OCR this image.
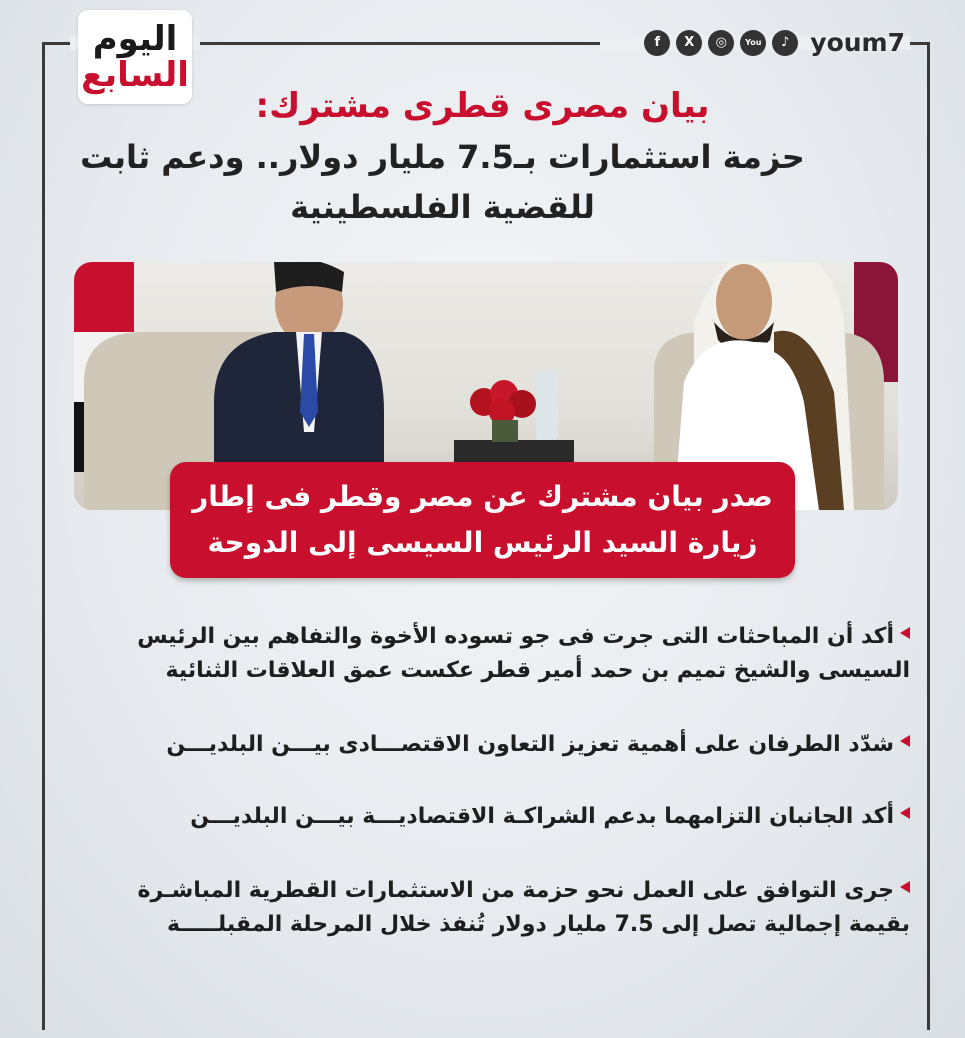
اليوم
السابع
f	X	◎	You	♪ youm7
بيان مصرى قطرى مشترك:
حزمة استثمارات بـ7.5 مليار دولار.. ودعم ثابت
للقضية الفلسطينية
صدر بيان مشترك عن مصر وقطر فى إطار
زيارة السيد الرئيس السيسى إلى الدوحة
أكد أن المباحثات التى جرت فى جو تسوده الأخوة والتفاهم بين الرئيس
السيسى والشيخ تميم بن حمد أمير قطر عكست عمق العلاقات الثنائية
شدّد الطرفان على أهمية تعزيز التعاون الاقتصـــادى بيـــن البلديـــن
أكد الجانبان التزامهما بدعم الشراكـة الاقتصاديـــة بيـــن البلديـــن
جرى التوافق على العمل نحو حزمة من الاستثمارات القطرية المباشـرة
بقيمة إجمالية تصل إلى 7.5 مليار دولار تُنفذ خلال المرحلة المقبلـــــة
